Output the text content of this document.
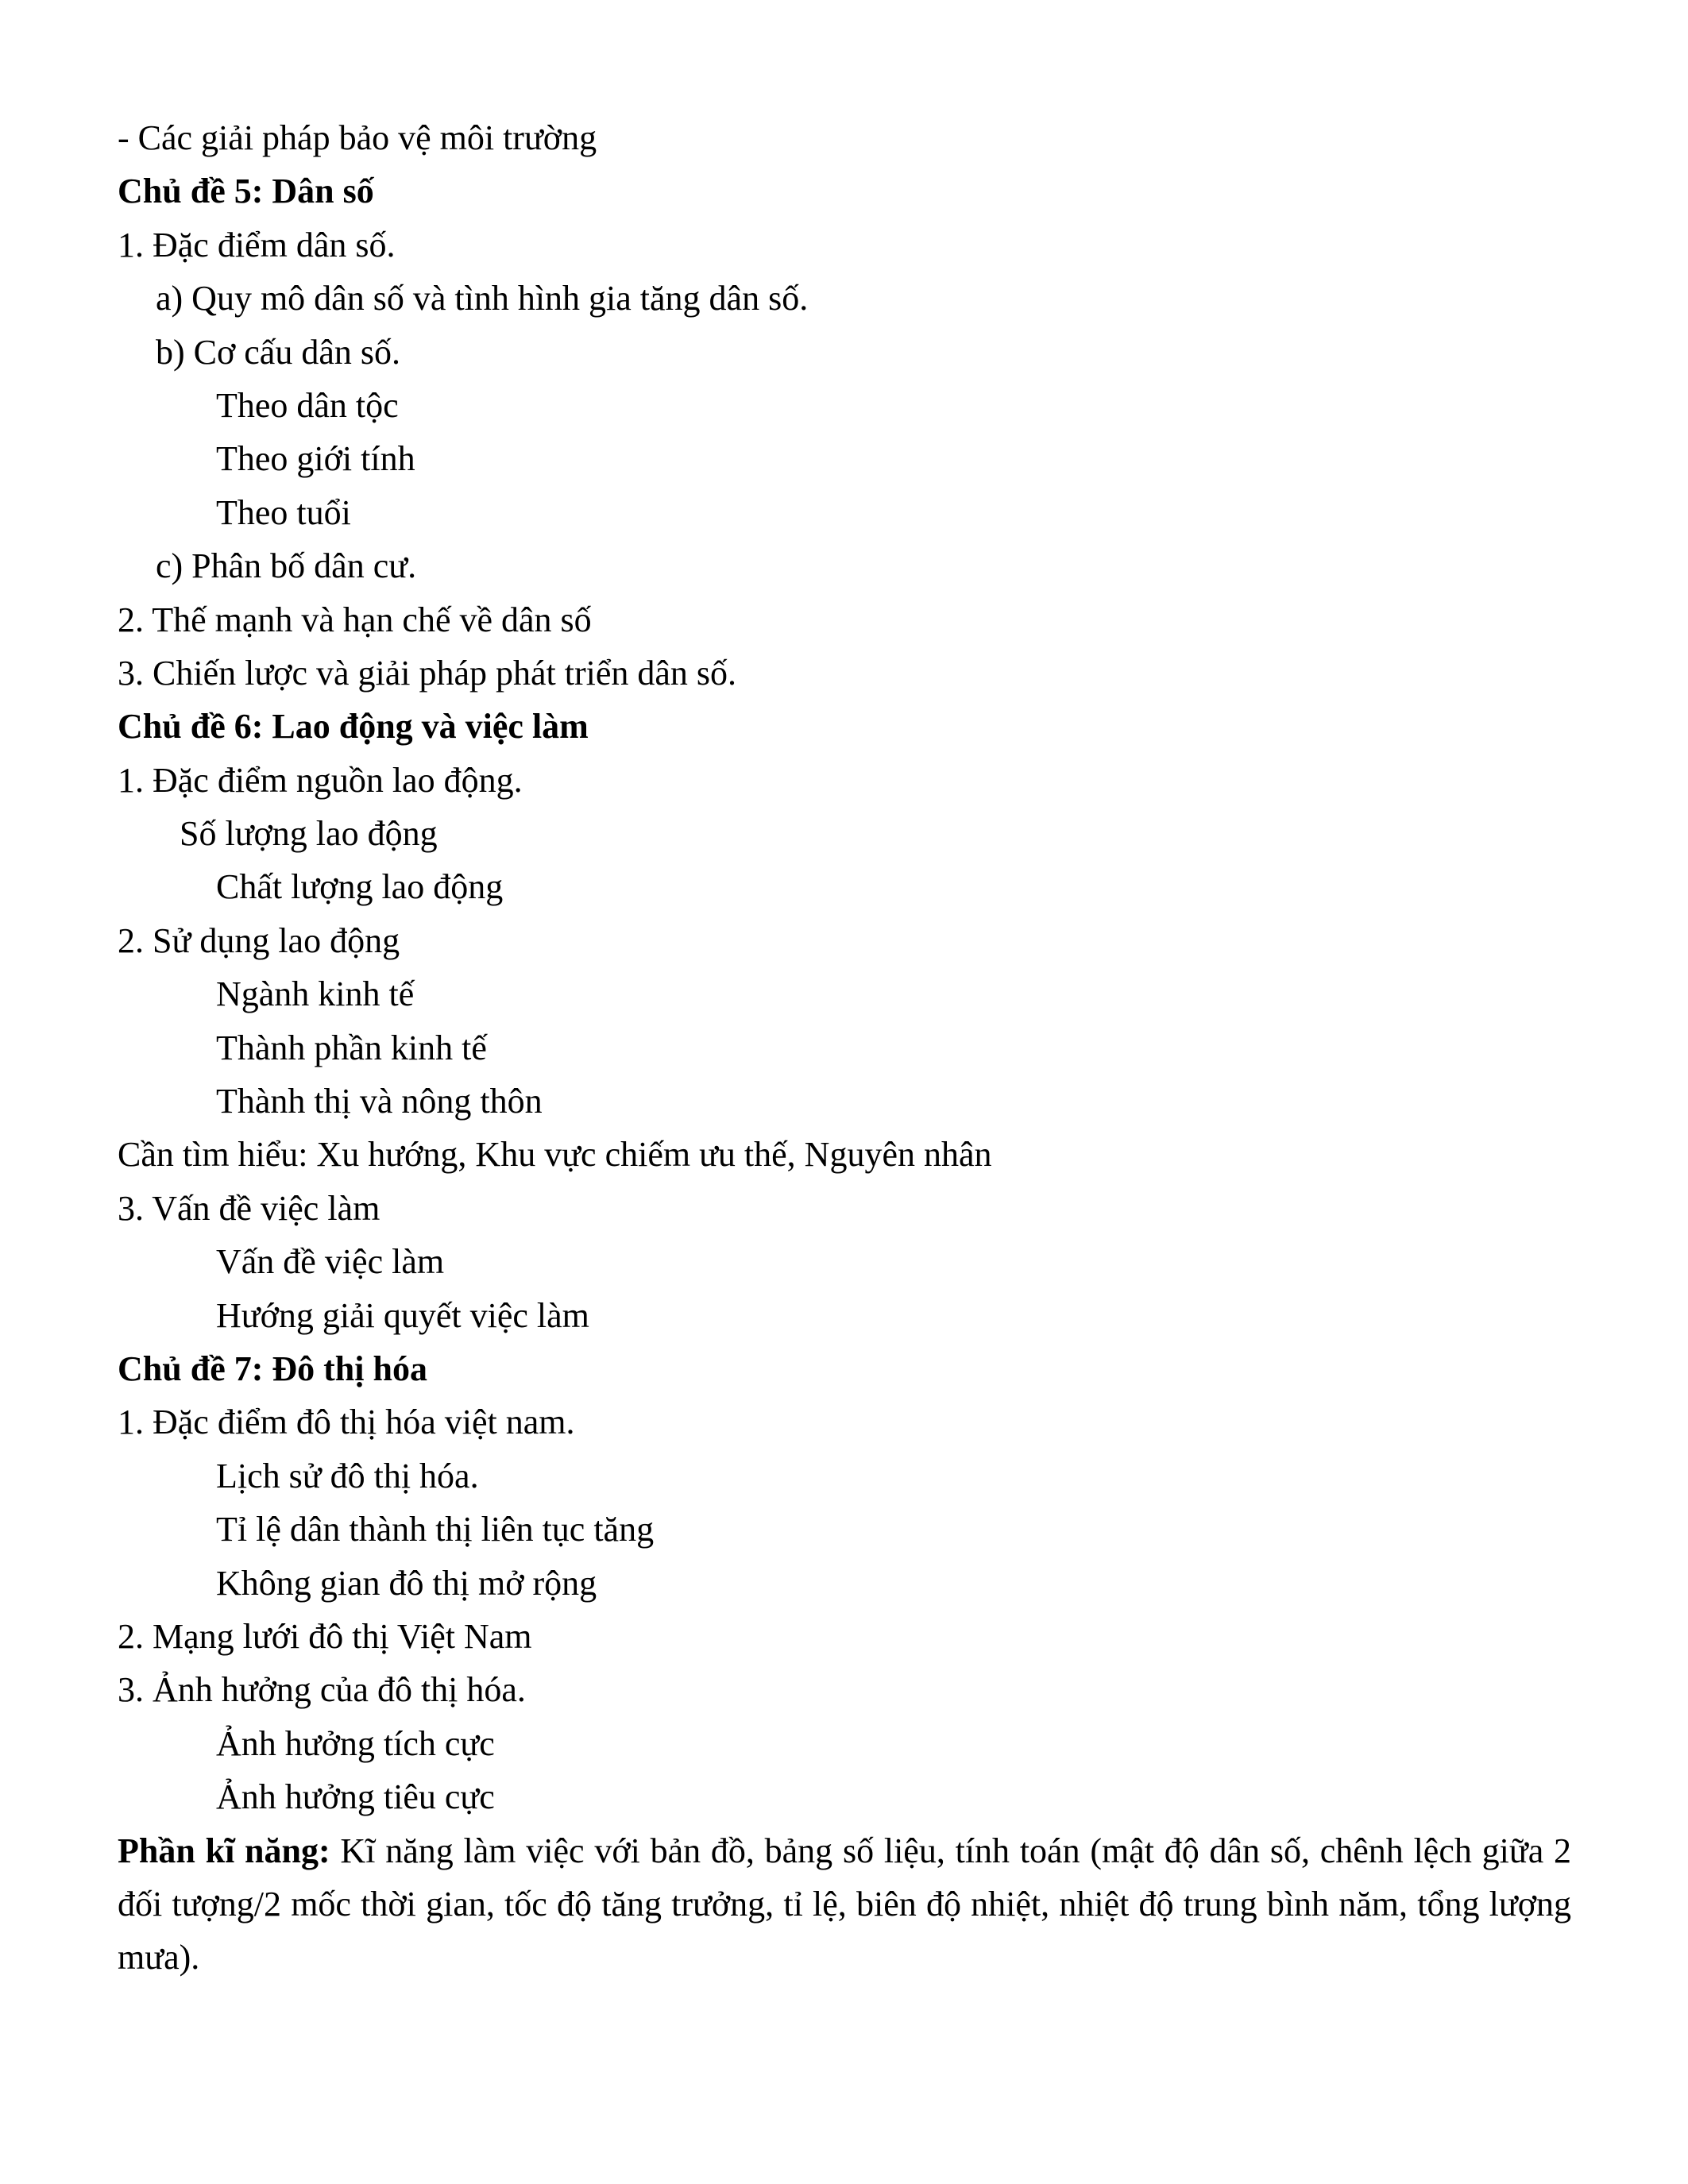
- Các giải pháp bảo vệ môi trường
Chủ đề 5: Dân số
1. Đặc điểm dân số.
a) Quy mô dân số và tình hình gia tăng dân số.
b) Cơ cấu dân số.
Theo dân tộc
Theo giới tính
Theo tuổi
c) Phân bố dân cư.
2. Thế mạnh và hạn chế về dân số
3. Chiến lược và giải pháp phát triển dân số.
Chủ đề 6: Lao động và việc làm
1. Đặc điểm nguồn lao động.
Số lượng lao động
Chất lượng lao động
2. Sử dụng lao động
Ngành kinh tế
Thành phần kinh tế
Thành thị và nông thôn
Cần tìm hiểu: Xu hướng, Khu vực chiếm ưu thế, Nguyên nhân
3. Vấn đề việc làm
Vấn đề việc làm
Hướng giải quyết việc làm
Chủ đề 7: Đô thị hóa
1. Đặc điểm đô thị hóa việt nam.
Lịch sử đô thị hóa.
Tỉ lệ dân thành thị liên tục tăng
Không gian đô thị mở rộng
2. Mạng lưới đô thị Việt Nam
3. Ảnh hưởng của đô thị hóa.
Ảnh hưởng tích cực
Ảnh hưởng tiêu cực
Phần kĩ năng: Kĩ năng làm việc với bản đồ, bảng số liệu, tính toán (mật độ dân số, chênh lệch giữa 2 đối tượng/2 mốc thời gian, tốc độ tăng trưởng, tỉ lệ, biên độ nhiệt, nhiệt độ trung bình năm, tổng lượng mưa).
